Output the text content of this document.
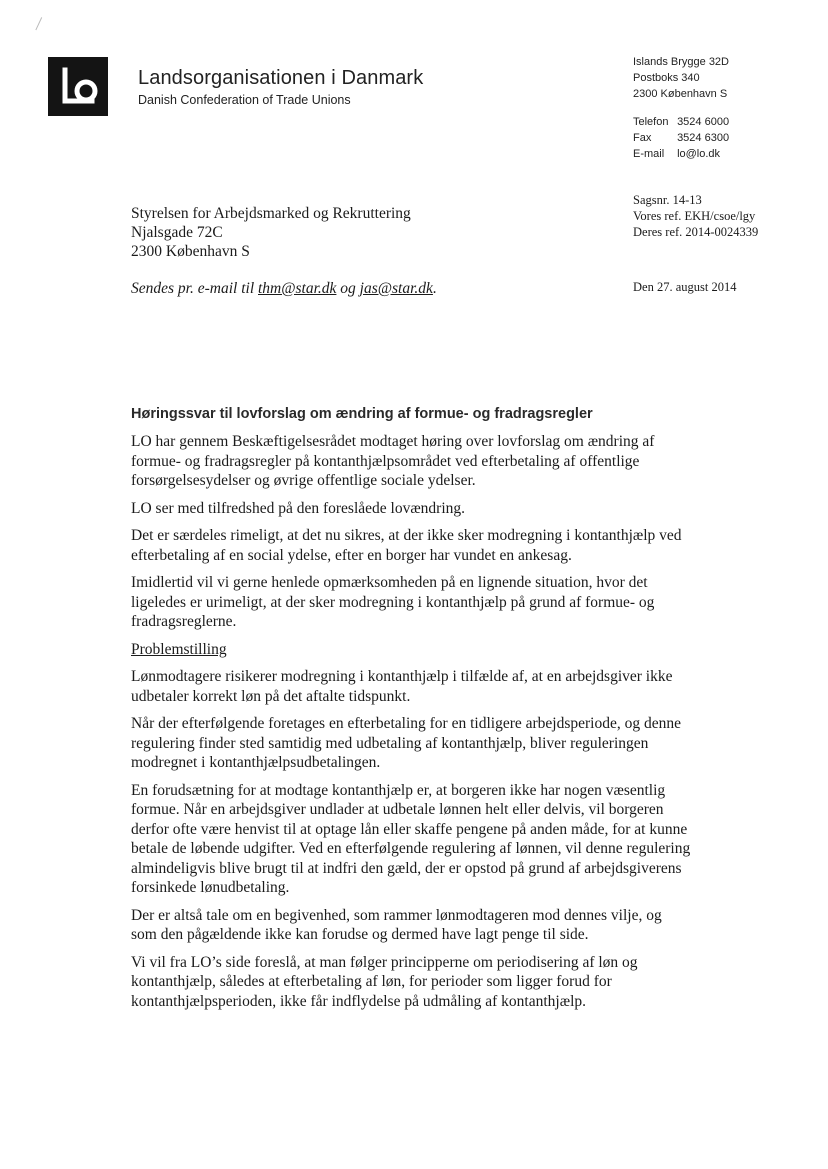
Landsorganisationen i Danmark
Danish Confederation of Trade Unions
Islands Brygge 32D
Postboks 340
2300 København S
Telefon 3524 6000
Fax 3524 6300
E-mail lo@lo.dk
Styrelsen for Arbejdsmarked og Rekruttering
Njalsgade 72C
2300 København S
Sagsnr. 14-13
Vores ref. EKH/csoe/lgy
Deres ref. 2014-0024339
Sendes pr. e-mail til thm@star.dk og jas@star.dk.	Den 27. august 2014
Høringssvar til lovforslag om ændring af formue- og fradragsregler

LO har gennem Beskæftigelsesrådet modtaget høring over lovforslag om ændring af formue- og fradragsregler på kontanthjælpsområdet ved efterbetaling af offentlige forsørgelsesydelser og øvrige offentlige sociale ydelser.

LO ser med tilfredshed på den foreslåede lovændring.

Det er særdeles rimeligt, at det nu sikres, at der ikke sker modregning i kontanthjælp ved efterbetaling af en social ydelse, efter en borger har vundet en ankesag.

Imidlertid vil vi gerne henlede opmærksomheden på en lignende situation, hvor det ligeledes er urimeligt, at der sker modregning i kontanthjælp på grund af formue- og fradragsreglerne.

Problemstilling

Lønmodtagere risikerer modregning i kontanthjælp i tilfælde af, at en arbejdsgiver ikke udbetaler korrekt løn på det aftalte tidspunkt.

Når der efterfølgende foretages en efterbetaling for en tidligere arbejdsperiode, og denne regulering finder sted samtidig med udbetaling af kontanthjælp, bliver reguleringen modregnet i kontanthjælpsudbetalingen.

En forudsætning for at modtage kontanthjælp er, at borgeren ikke har nogen væsentlig formue. Når en arbejdsgiver undlader at udbetale lønnen helt eller delvis, vil borgeren derfor ofte være henvist til at optage lån eller skaffe pengene på anden måde, for at kunne betale de løbende udgifter. Ved en efterfølgende regulering af lønnen, vil denne regulering almindeligvis blive brugt til at indfri den gæld, der er opstod på grund af arbejdsgiverens forsinkede lønudbetaling.

Der er altså tale om en begivenhed, som rammer lønmodtageren mod dennes vilje, og som den pågældende ikke kan forudse og dermed have lagt penge til side.

Vi vil fra LO’s side foreslå, at man følger principperne om periodisering af løn og kontanthjælp, således at efterbetaling af løn, for perioder som ligger forud for kontanthjælpsperioden, ikke får indflydelse på udmåling af kontanthjælp.
